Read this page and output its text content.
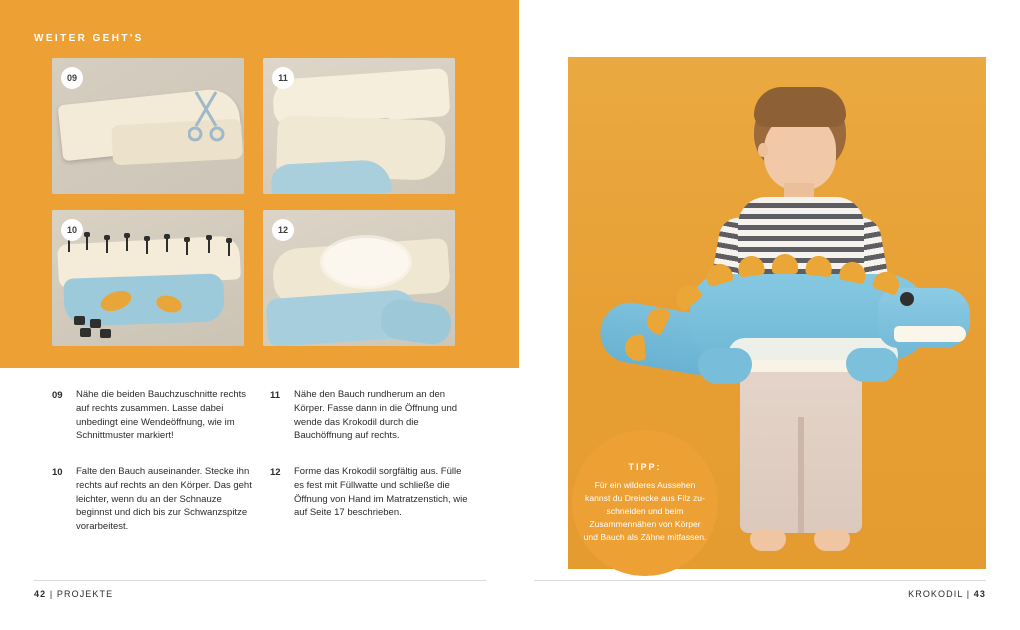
WEITER GEHT'S
09	11
10	12
09	Nähe die beiden Bauchzuschnitte rechts auf rechts zusammen. Lasse dabei unbedingt eine Wendeöffnung, wie im Schnittmuster markiert!
10	Falte den Bauch auseinander. Stecke ihn rechts auf rechts an den Körper. Das geht leichter, wenn du an der Schnauze beginnst und dich bis zur Schwanzspitze vorarbeitest.
11	Nähe den Bauch rundherum an den Körper. Fasse dann in die Öffnung und wende das Krokodil durch die Bauchöffnung auf rechts.
12	Forme das Krokodil sorgfältig aus. Fülle es fest mit Füllwatte und schließe die Öffnung von Hand im Matratzenstich, wie auf Seite 17 beschrieben.
TIPP:
Für ein wilderes Aussehen kannst du Dreiecke aus Filz zuschneiden und beim Zusammennähen von Körper und Bauch als Zähne mitfassen.
42 | PROJEKTE	KROKODIL | 43
